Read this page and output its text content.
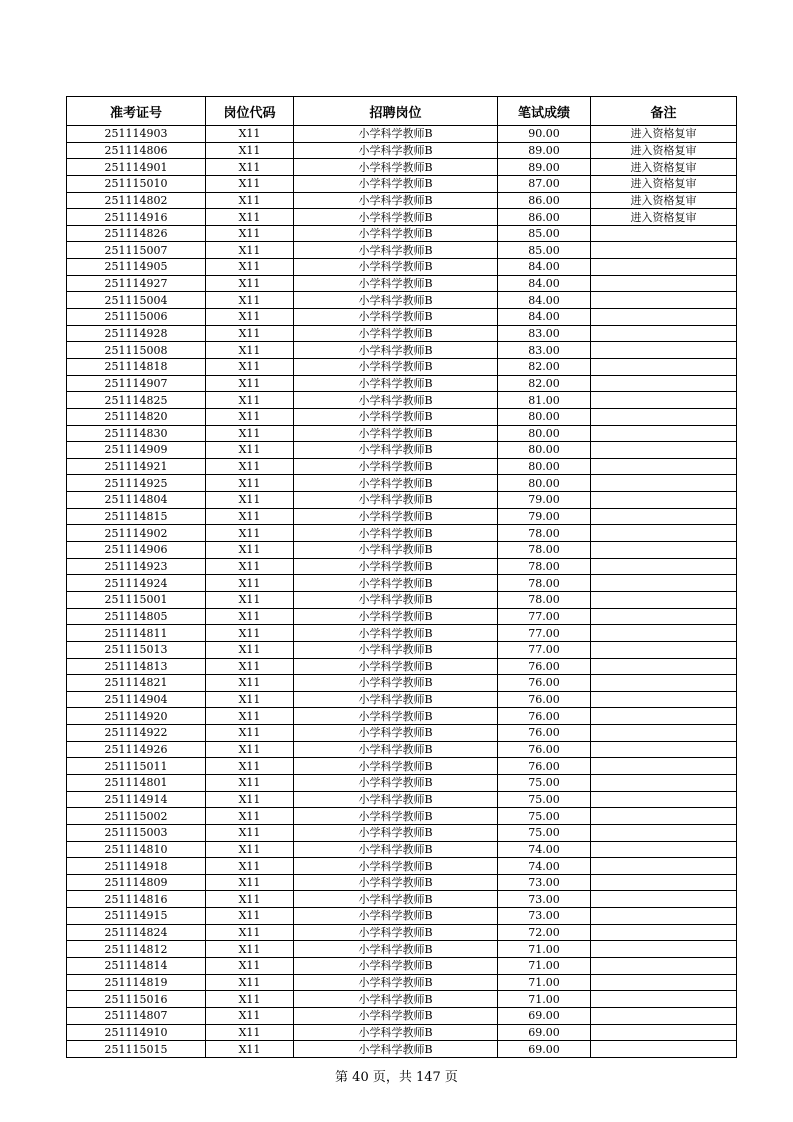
准考证号	岗位代码	招聘岗位	笔试成绩	备注
251114903	X11	小学科学教师B	90.00	进入资格复审
251114806	X11	小学科学教师B	89.00	进入资格复审
251114901	X11	小学科学教师B	89.00	进入资格复审
251115010	X11	小学科学教师B	87.00	进入资格复审
251114802	X11	小学科学教师B	86.00	进入资格复审
251114916	X11	小学科学教师B	86.00	进入资格复审
251114826	X11	小学科学教师B	85.00	
251115007	X11	小学科学教师B	85.00	
251114905	X11	小学科学教师B	84.00	
251114927	X11	小学科学教师B	84.00	
251115004	X11	小学科学教师B	84.00	
251115006	X11	小学科学教师B	84.00	
251114928	X11	小学科学教师B	83.00	
251115008	X11	小学科学教师B	83.00	
251114818	X11	小学科学教师B	82.00	
251114907	X11	小学科学教师B	82.00	
251114825	X11	小学科学教师B	81.00	
251114820	X11	小学科学教师B	80.00	
251114830	X11	小学科学教师B	80.00	
251114909	X11	小学科学教师B	80.00	
251114921	X11	小学科学教师B	80.00	
251114925	X11	小学科学教师B	80.00	
251114804	X11	小学科学教师B	79.00	
251114815	X11	小学科学教师B	79.00	
251114902	X11	小学科学教师B	78.00	
251114906	X11	小学科学教师B	78.00	
251114923	X11	小学科学教师B	78.00	
251114924	X11	小学科学教师B	78.00	
251115001	X11	小学科学教师B	78.00	
251114805	X11	小学科学教师B	77.00	
251114811	X11	小学科学教师B	77.00	
251115013	X11	小学科学教师B	77.00	
251114813	X11	小学科学教师B	76.00	
251114821	X11	小学科学教师B	76.00	
251114904	X11	小学科学教师B	76.00	
251114920	X11	小学科学教师B	76.00	
251114922	X11	小学科学教师B	76.00	
251114926	X11	小学科学教师B	76.00	
251115011	X11	小学科学教师B	76.00	
251114801	X11	小学科学教师B	75.00	
251114914	X11	小学科学教师B	75.00	
251115002	X11	小学科学教师B	75.00	
251115003	X11	小学科学教师B	75.00	
251114810	X11	小学科学教师B	74.00	
251114918	X11	小学科学教师B	74.00	
251114809	X11	小学科学教师B	73.00	
251114816	X11	小学科学教师B	73.00	
251114915	X11	小学科学教师B	73.00	
251114824	X11	小学科学教师B	72.00	
251114812	X11	小学科学教师B	71.00	
251114814	X11	小学科学教师B	71.00	
251114819	X11	小学科学教师B	71.00	
251115016	X11	小学科学教师B	71.00	
251114807	X11	小学科学教师B	69.00	
251114910	X11	小学科学教师B	69.00	
251115015	X11	小学科学教师B	69.00	
第 40 页，共 147 页
